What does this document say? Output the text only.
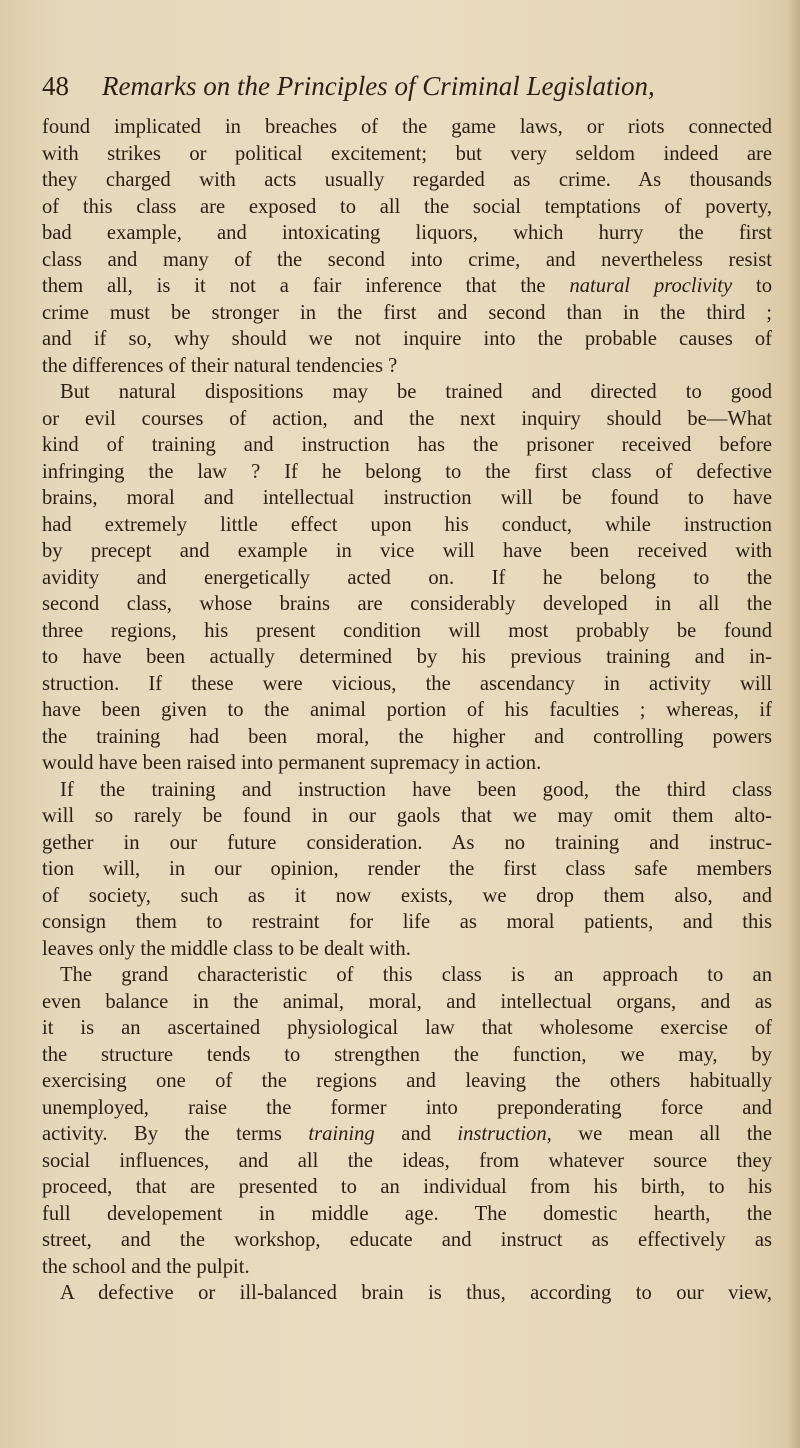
48 Remarks on the Principles of Criminal Legislation,
found implicated in breaches of the game laws, or riots connected
with strikes or political excitement; but very seldom indeed are
they charged with acts usually regarded as crime. As thousands
of this class are exposed to all the social temptations of poverty,
bad example, and intoxicating liquors, which hurry the first
class and many of the second into crime, and nevertheless resist
them all, is it not a fair inference that the natural proclivity to
crime must be stronger in the first and second than in the third ;
and if so, why should we not inquire into the probable causes of
the differences of their natural tendencies ?
But natural dispositions may be trained and directed to good
or evil courses of action, and the next inquiry should be—What
kind of training and instruction has the prisoner received before
infringing the law ? If he belong to the first class of defective
brains, moral and intellectual instruction will be found to have
had extremely little effect upon his conduct, while instruction
by precept and example in vice will have been received with
avidity and energetically acted on. If he belong to the
second class, whose brains are considerably developed in all the
three regions, his present condition will most probably be found
to have been actually determined by his previous training and in-
struction. If these were vicious, the ascendancy in activity will
have been given to the animal portion of his faculties ; whereas, if
the training had been moral, the higher and controlling powers
would have been raised into permanent supremacy in action.
If the training and instruction have been good, the third class
will so rarely be found in our gaols that we may omit them alto-
gether in our future consideration. As no training and instruc-
tion will, in our opinion, render the first class safe members
of society, such as it now exists, we drop them also, and
consign them to restraint for life as moral patients, and this
leaves only the middle class to be dealt with.
The grand characteristic of this class is an approach to an
even balance in the animal, moral, and intellectual organs, and as
it is an ascertained physiological law that wholesome exercise of
the structure tends to strengthen the function, we may, by
exercising one of the regions and leaving the others habitually
unemployed, raise the former into preponderating force and
activity. By the terms training and instruction, we mean all the
social influences, and all the ideas, from whatever source they
proceed, that are presented to an individual from his birth, to his
full developement in middle age. The domestic hearth, the
street, and the workshop, educate and instruct as effectively as
the school and the pulpit.
A defective or ill-balanced brain is thus, according to our view,
